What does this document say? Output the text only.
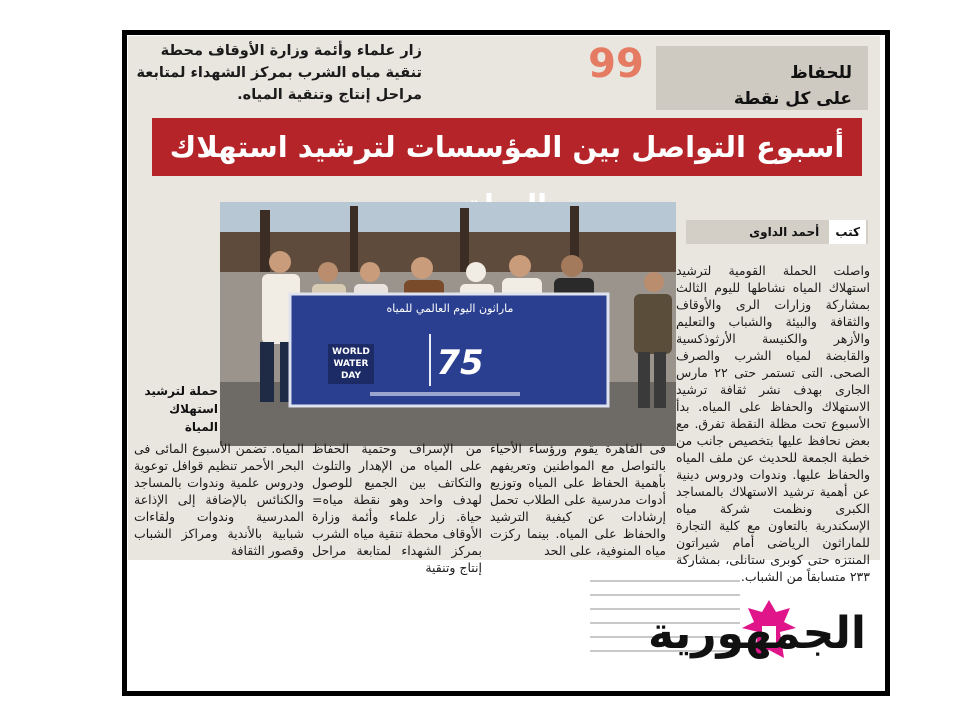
زار علماء وأئمة وزارة الأوقاف محطة تنقية مياه الشرب بمركز الشهداء لمتابعة مراحل إنتاج وتنقية المياه.
99	للحفاظ
على كل نقطة
أسبوع التواصل بين المؤسسات لترشيد استهلاك
كتب أحمد الداوى
واصلت الحملة القومية لترشيد استهلاك المياه نشاطها لليوم الثالث بمشاركة وزارات الرى والأوقاف والثقافة والبيئة والشباب والتعليم والأزهر والكنيسة الأرثوذكسية والقابضة لمياه الشرب والصرف الصحى. التى تستمر حتى ٢٢ مارس الجارى بهدف نشر ثقافة ترشيد الاستهلاك والحفاظ على المياه. بدأ الأسبوع تحت مظلة النقطة تفرق. مع بعض نحافظ عليها بتخصيص جانب من خطبة الجمعة للحديث عن ملف المياه والحفاظ عليها. وندوات ودروس دينية عن أهمية ترشيد الاستهلاك بالمساجد الكبرى ونظمت شركة مياه الإسكندرية بالتعاون مع كلية التجارة للماراثون الرياضى أمام شيراتون المنتزه حتى كوبرى ستانلى، بمشاركة ٢٣٣ متسابقاً من الشباب.
ماراثون اليوم العالمي للمياه
WORLD
WATER
DAY 75
حملة لترشيد استهلاك المياة
فى القاهرة يقوم ورؤساء الأحياء بالتواصل مع المواطنين وتعريفهم بأهمية الحفاظ على المياه وتوزيع أدوات مدرسية على الطلاب تحمل إرشادات عن كيفية الترشيد والحفاظ على المياه. بينما ركزت مياه المنوفية، على الحد
من الإسراف وحتمية الحفاظ على المياه من الإهدار والتلوث والتكاتف بين الجميع للوصول لهدف واحد وهو نقطة مياه= حياة. زار علماء وأئمة وزارة الأوقاف محطة تنقية مياه الشرب بمركز الشهداء لمتابعة مراحل إنتاج وتنقية
المياه. تضمن الأسبوع المائى فى البحر الأحمر تنظيم قوافل توعوية ودروس علمية وندوات بالمساجد والكنائس بالإضافة إلى الإذاعة المدرسية وندوات ولقاءات شبابية بالأندية ومراكز الشباب وقصور الثقافة
الجمهورية
